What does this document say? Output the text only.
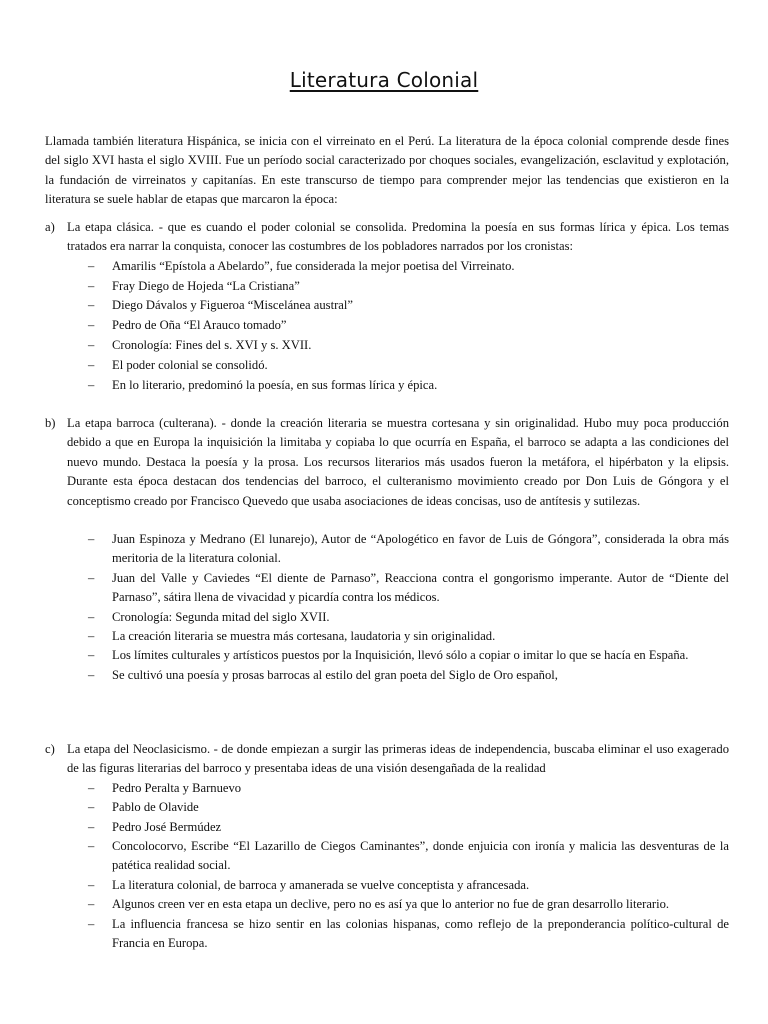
Literatura Colonial
Llamada también literatura Hispánica, se inicia con el virreinato en el Perú. La literatura de la época colonial comprende desde fines del siglo XVI hasta el siglo XVIII. Fue un período social caracterizado por choques sociales, evangelización, esclavitud y explotación, la fundación de virreinatos y capitanías. En este transcurso de tiempo para comprender mejor las tendencias que existieron en la literatura se suele hablar de etapas que marcaron la época:
a) La etapa clásica. - que es cuando el poder colonial se consolida. Predomina la poesía en sus formas lírica y épica. Los temas tratados era narrar la conquista, conocer las costumbres de los pobladores narrados por los cronistas:
– Amarilis “Epístola a Abelardo”, fue considerada la mejor poetisa del Virreinato.
– Fray Diego de Hojeda “La Cristiana”
– Diego Dávalos y Figueroa “Miscelánea austral”
– Pedro de Oña “El Arauco tomado”
– Cronología: Fines del s. XVI y s. XVII.
– El poder colonial se consolidó.
– En lo literario, predominó la poesía, en sus formas lírica y épica.
b) La etapa barroca (culterana). - donde la creación literaria se muestra cortesana y sin originalidad. Hubo muy poca producción debido a que en Europa la inquisición la limitaba y copiaba lo que ocurría en España, el barroco se adapta a las condiciones del nuevo mundo. Destaca la poesía y la prosa. Los recursos literarios más usados fueron la metáfora, el hipérbaton y la elipsis. Durante esta época destacan dos tendencias del barroco, el culteranismo movimiento creado por Don Luis de Góngora y el conceptismo creado por Francisco Quevedo que usaba asociaciones de ideas concisas, uso de antítesis y sutilezas.
– Juan Espinoza y Medrano (El lunarejo), Autor de “Apologético en favor de Luis de Góngora”, considerada la obra más meritoria de la literatura colonial.
– Juan del Valle y Caviedes “El diente de Parnaso”, Reacciona contra el gongorismo imperante. Autor de “Diente del Parnaso”, sátira llena de vivacidad y picardía contra los médicos.
– Cronología: Segunda mitad del siglo XVII.
– La creación literaria se muestra más cortesana, laudatoria y sin originalidad.
– Los límites culturales y artísticos puestos por la Inquisición, llevó sólo a copiar o imitar lo que se hacía en España.
– Se cultivó una poesía y prosas barrocas al estilo del gran poeta del Siglo de Oro español,
c) La etapa del Neoclasicismo. - de donde empiezan a surgir las primeras ideas de independencia, buscaba eliminar el uso exagerado de las figuras literarias del barroco y presentaba ideas de una visión desengañada de la realidad
– Pedro Peralta y Barnuevo
– Pablo de Olavide
– Pedro José Bermúdez
– Concolocorvo, Escribe “El Lazarillo de Ciegos Caminantes”, donde enjuicia con ironía y malicia las desventuras de la patética realidad social.
– La literatura colonial, de barroca y amanerada se vuelve conceptista y afrancesada.
– Algunos creen ver en esta etapa un declive, pero no es así ya que lo anterior no fue de gran desarrollo literario.
– La influencia francesa se hizo sentir en las colonias hispanas, como reflejo de la preponderancia político-cultural de Francia en Europa.
